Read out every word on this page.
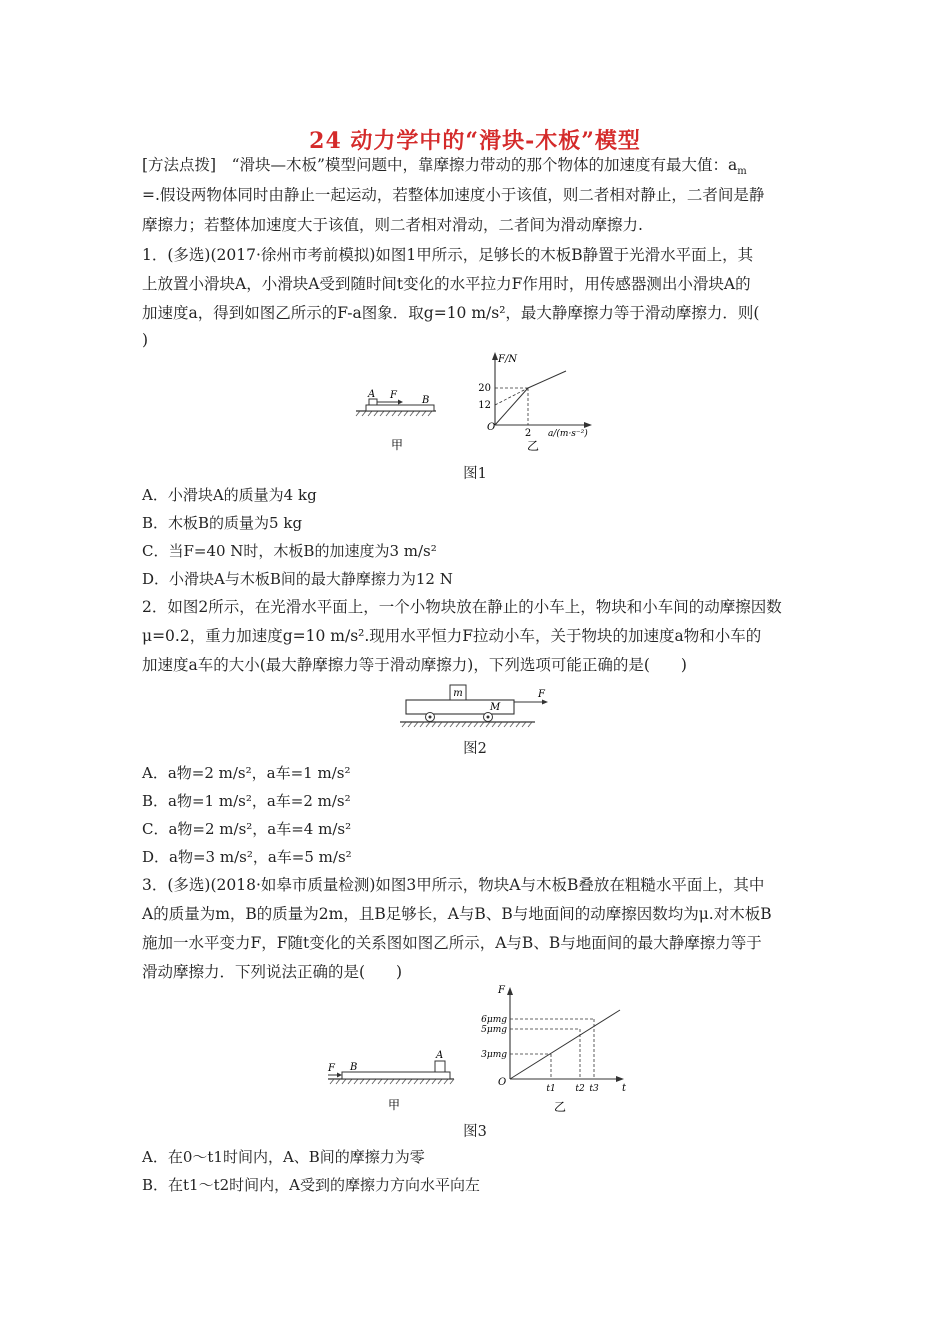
24 动力学中的“滑块-木板”模型
[方法点拨]　“滑块—木板”模型问题中，靠摩擦力带动的那个物体的加速度有最大值：$a_m$
=.假设两物体同时由静止一起运动，若整体加速度小于该值，则二者相对静止，二者间是静
摩擦力；若整体加速度大于该值，则二者相对滑动，二者间为滑动摩擦力.
1．(多选)(2017·徐州市考前模拟)如图1甲所示，足够长的木板B静置于光滑水平面上，其
上放置小滑块A，小滑块A受到随时间t变化的水平拉力F作用时，用传感器测出小滑块A的
加速度a，得到如图乙所示的F-a图象．取g=10 m/s²，最大静摩擦力等于滑动摩擦力．则(
)
A F	B
甲
F/N
20
12
O
2 a/(m·s⁻²)
乙
图1
A．小滑块A的质量为4 kg
B．木板B的质量为5 kg
C．当F=40 N时，木板B的加速度为3 m/s²
D．小滑块A与木板B间的最大静摩擦力为12 N
2．如图2所示，在光滑水平面上，一个小物块放在静止的小车上，物块和小车间的动摩擦因数
μ=0.2，重力加速度g=10 m/s².现用水平恒力F拉动小车，关于物块的加速度a物和小车的
加速度a车的大小(最大静摩擦力等于滑动摩擦力)，下列选项可能正确的是(　　)
m
M
F
图2
A．a物=2 m/s²，a车=1 m/s²
B．a物=1 m/s²，a车=2 m/s²
C．a物=2 m/s²，a车=4 m/s²
D．a物=3 m/s²，a车=5 m/s²
3．(多选)(2018·如皋市质量检测)如图3甲所示，物块A与木板B叠放在粗糙水平面上，其中
A的质量为m，B的质量为2m，且B足够长，A与B、B与地面间的动摩擦因数均为μ.对木板B
施加一水平变力F，F随t变化的关系图如图乙所示，A与B、B与地面间的最大静摩擦力等于
滑动摩擦力．下列说法正确的是(　　)
F B
A
甲
F
6μmg
5μmg
3μmg
O
t1 t2 t3 t
乙
图3
A．在0～t1时间内，A、B间的摩擦力为零
B．在t1～t2时间内，A受到的摩擦力方向水平向左
